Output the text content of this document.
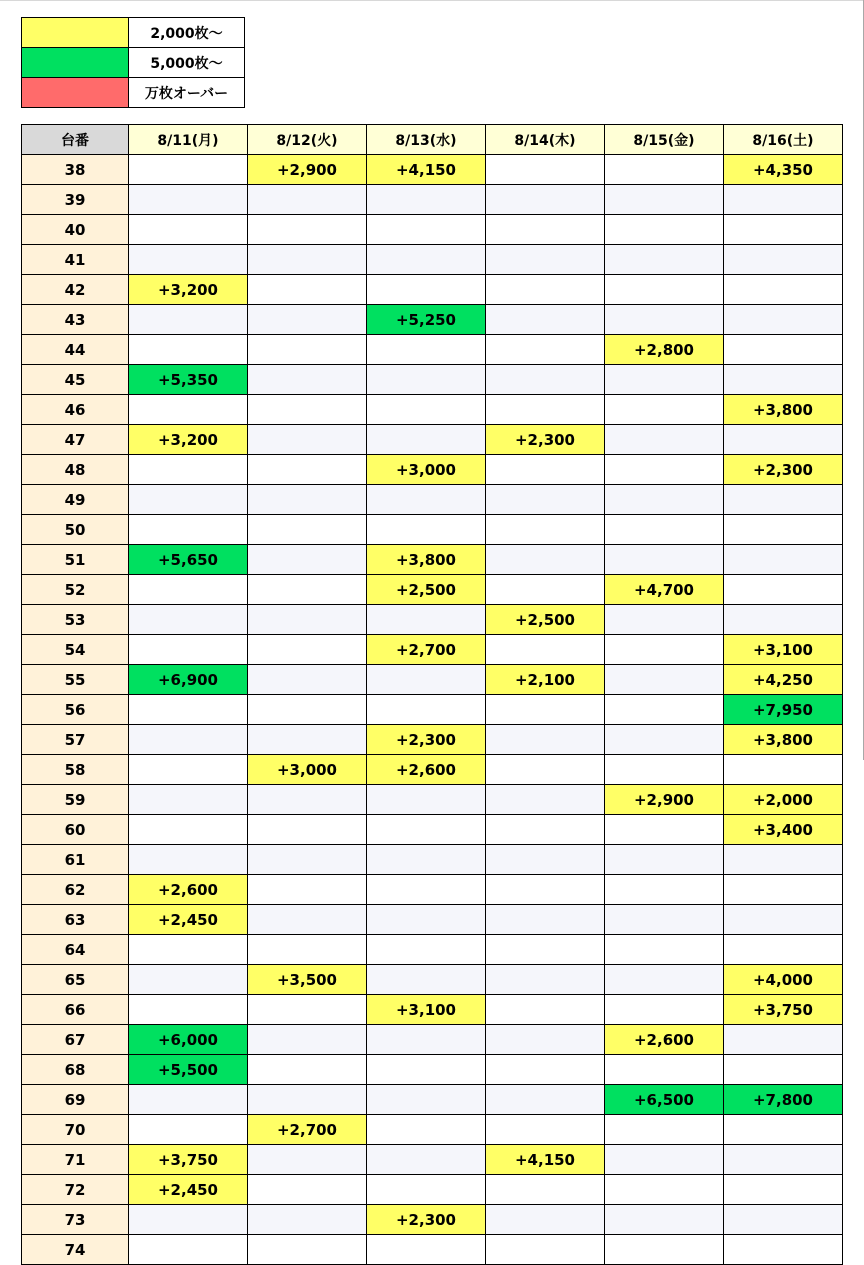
	2,000枚〜
	5,000枚〜
	万枚オーバー
台番	8/11(月)	8/12(火)	8/13(水)	8/14(木)	8/15(金)	8/16(土)
38		+2,900	+4,150			+4,350
39						
40						
41						
42	+3,200					
43			+5,250			
44					+2,800	
45	+5,350					
46						+3,800
47	+3,200			+2,300		
48			+3,000			+2,300
49						
50						
51	+5,650		+3,800			
52			+2,500		+4,700	
53				+2,500		
54			+2,700			+3,100
55	+6,900			+2,100		+4,250
56						+7,950
57			+2,300			+3,800
58		+3,000	+2,600			
59					+2,900	+2,000
60						+3,400
61						
62	+2,600					
63	+2,450					
64						
65		+3,500				+4,000
66			+3,100			+3,750
67	+6,000				+2,600	
68	+5,500					
69					+6,500	+7,800
70		+2,700				
71	+3,750			+4,150		
72	+2,450					
73			+2,300			
74						
